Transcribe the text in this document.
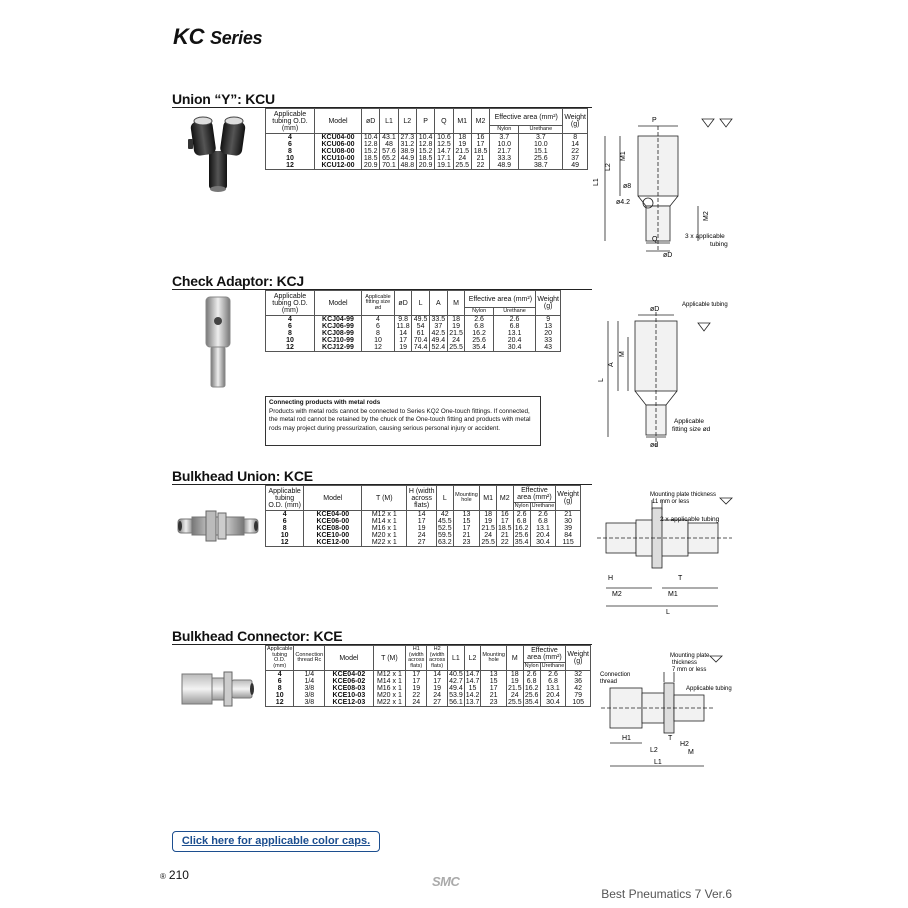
KC Series
Union “Y”: KCU
Applicable tubing O.D. (mm)	Model	øD	L1	L2	P	Q	M1	M2	Effective area (mm²)		Weight (g)
									Nylon	Urethane	
4	KCU04-00	10.4	43.1	27.3	10.4	10.6	18	16	3.7	3.7	8
6	KCU06-00	12.8	48	31.2	12.8	12.5	19	17	10.0	10.0	14
8	KCU08-00	15.2	57.6	38.9	15.2	14.7	21.5	18.5	21.7	15.1	22
10	KCU10-00	18.5	65.2	44.9	18.5	17.1	24	21	33.3	25.6	37
12	KCU12-00	20.9	70.1	48.8	20.9	19.1	25.5	22	48.9	38.7	49
P
L2
M1
L1
ø8
ø4.2
M2
Q
øD
3 x applicable
tubing
Check Adaptor: KCJ
Applicable tubing O.D. (mm)	Model	Applicable fitting size ød	øD	L	A	M	Effective area (mm²)		Weight (g)
							Nylon	Urethane	
4	KCJ04-99	4	9.8	49.5	33.5	18	2.6	2.6	9
6	KCJ06-99	6	11.8	54	37	19	6.8	6.8	13
8	KCJ08-99	8	14	61	42.5	21.5	16.2	13.1	20
10	KCJ10-99	10	17	70.4	49.4	24	25.6	20.4	33
12	KCJ12-99	12	19	74.4	52.4	25.5	35.4	30.4	43
Connecting products with metal rods
Products with metal rods cannot be connected to Series KQ2 One-touch fittings. If connected, the metal rod cannot be retained by the chuck of the One-touch fitting and products with metal rods may project during pressurization, causing serious personal injury or accident.
øD
Applicable tubing
A
M
L
Applicable
fitting size ød
ød
Bulkhead Union: KCE
Applicable tubing O.D. (mm)	Model	T (M)	H (width across flats)	L	Mounting hole	M1	M2	Effective area (mm²)		Weight (g)
								Nylon	Urethane	
4	KCE04-00	M12 x 1	14	42	13	18	16	2.6	2.6	21
6	KCE06-00	M14 x 1	17	45.5	15	19	17	6.8	6.8	30
8	KCE08-00	M16 x 1	19	52.5	17	21.5	18.5	16.2	13.1	39
10	KCE10-00	M20 x 1	24	59.5	21	24	21	25.6	20.4	84
12	KCE12-00	M22 x 1	27	63.2	23	25.5	22	35.4	30.4	115
Mounting plate thickness
11 mm or less
2 x applicable tubing
H	T
M2	M1
L
Bulkhead Connector: KCE
Applicable tubing O.D. (mm)	Connection thread Rc	Model	T (M)	H1 (width across flats)	H2 (width across flats)	L1	L2	Mounting hole	M	Effective area (mm²)		Weight (g)
										Nylon	Urethane	
4	1/4	KCE04-02	M12 x 1	17	14	40.5	14.7	13	18	2.6	2.6	32
6	1/4	KCE06-02	M14 x 1	17	17	42.7	14.7	15	19	6.8	6.8	36
8	3/8	KCE08-03	M16 x 1	19	19	49.4	15	17	21.5	16.2	13.1	42
10	3/8	KCE10-03	M20 x 1	22	24	53.9	14.2	21	24	25.6	20.4	79
12	3/8	KCE12-03	M22 x 1	24	27	56.1	13.7	23	25.5	35.4	30.4	105
Mounting plate
thickness
7 mm or less
Connection
thread
Applicable tubing
T
H1
H2
L2	M
L1
Click here for applicable color caps.
® 210	SMC
Best Pneumatics 7 Ver.6
